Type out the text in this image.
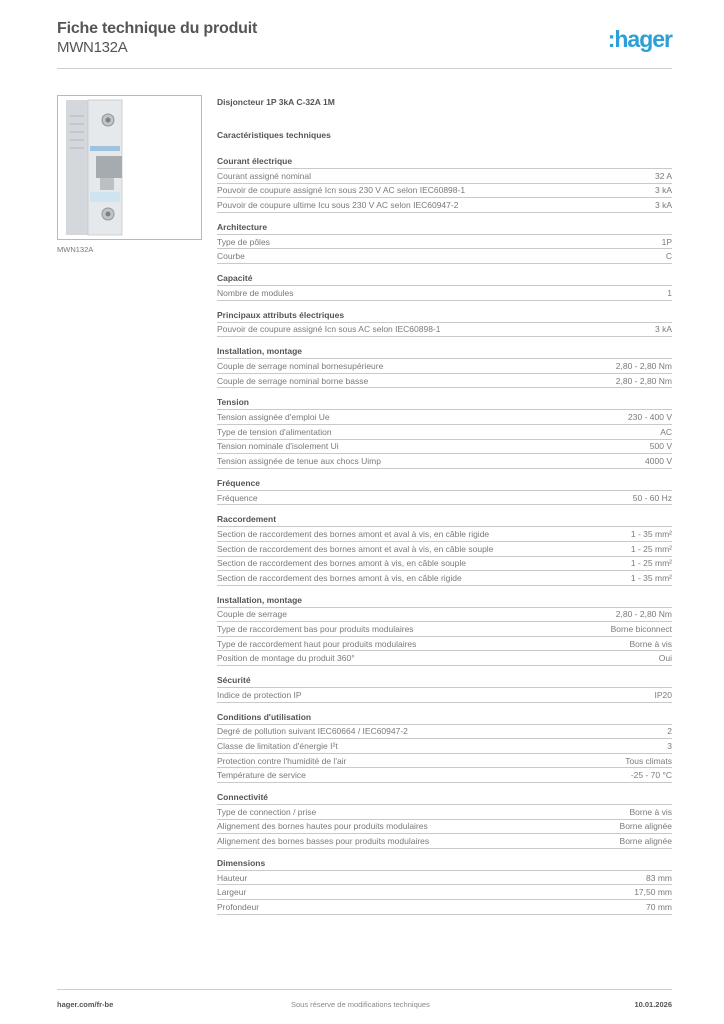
Fiche technique du produit
MWN132A	:hager
MWN132A
Disjoncteur 1P 3kA C-32A 1M
Caractéristiques techniques
Courant électrique
Courant assigné nominal	32 A
Pouvoir de coupure assigné Icn sous 230 V AC selon IEC60898-1	3 kA
Pouvoir de coupure ultime Icu sous 230 V AC selon IEC60947-2	3 kA
Architecture
Type de pôles	1P
Courbe	C
Capacité
Nombre de modules	1
Principaux attributs électriques
Pouvoir de coupure assigné Icn sous AC selon IEC60898-1	3 kA
Installation, montage
Couple de serrage nominal bornesupérieure	2,80 - 2,80 Nm
Couple de serrage nominal borne basse	2,80 - 2,80 Nm
Tension
Tension assignée d'emploi Ue	230 - 400 V
Type de tension d'alimentation	AC
Tension nominale d'isolement Ui	500 V
Tension assignée de tenue aux chocs Uimp	4000 V
Fréquence
Fréquence	50 - 60 Hz
Raccordement
Section de raccordement des bornes amont et aval à vis, en câble rigide	1 - 35 mm²
Section de raccordement des bornes amont et aval à vis, en câble souple	1 - 25 mm²
Section de raccordement des bornes amont à vis, en câble souple	1 - 25 mm²
Section de raccordement des bornes amont à vis, en câble rigide	1 - 35 mm²
Installation, montage
Couple de serrage	2,80 - 2,80 Nm
Type de raccordement bas pour produits modulaires	Borne biconnect
Type de raccordement haut pour produits modulaires	Borne à vis
Position de montage du produit 360°	Oui
Sécurité
Indice de protection IP	IP20
Conditions d'utilisation
Degré de pollution suivant IEC60664 / IEC60947-2	2
Classe de limitation d'énergie I²t	3
Protection contre l'humidité de l'air	Tous climats
Température de service	-25 - 70 °C
Connectivité
Type de connection / prise	Borne à vis
Alignement des bornes hautes pour produits modulaires	Borne alignée
Alignement des bornes basses pour produits modulaires	Borne alignée
Dimensions
Hauteur	83 mm
Largeur	17,50 mm
Profondeur	70 mm
hager.com/fr-be	Sous réserve de modifications techniques	10.01.2026
